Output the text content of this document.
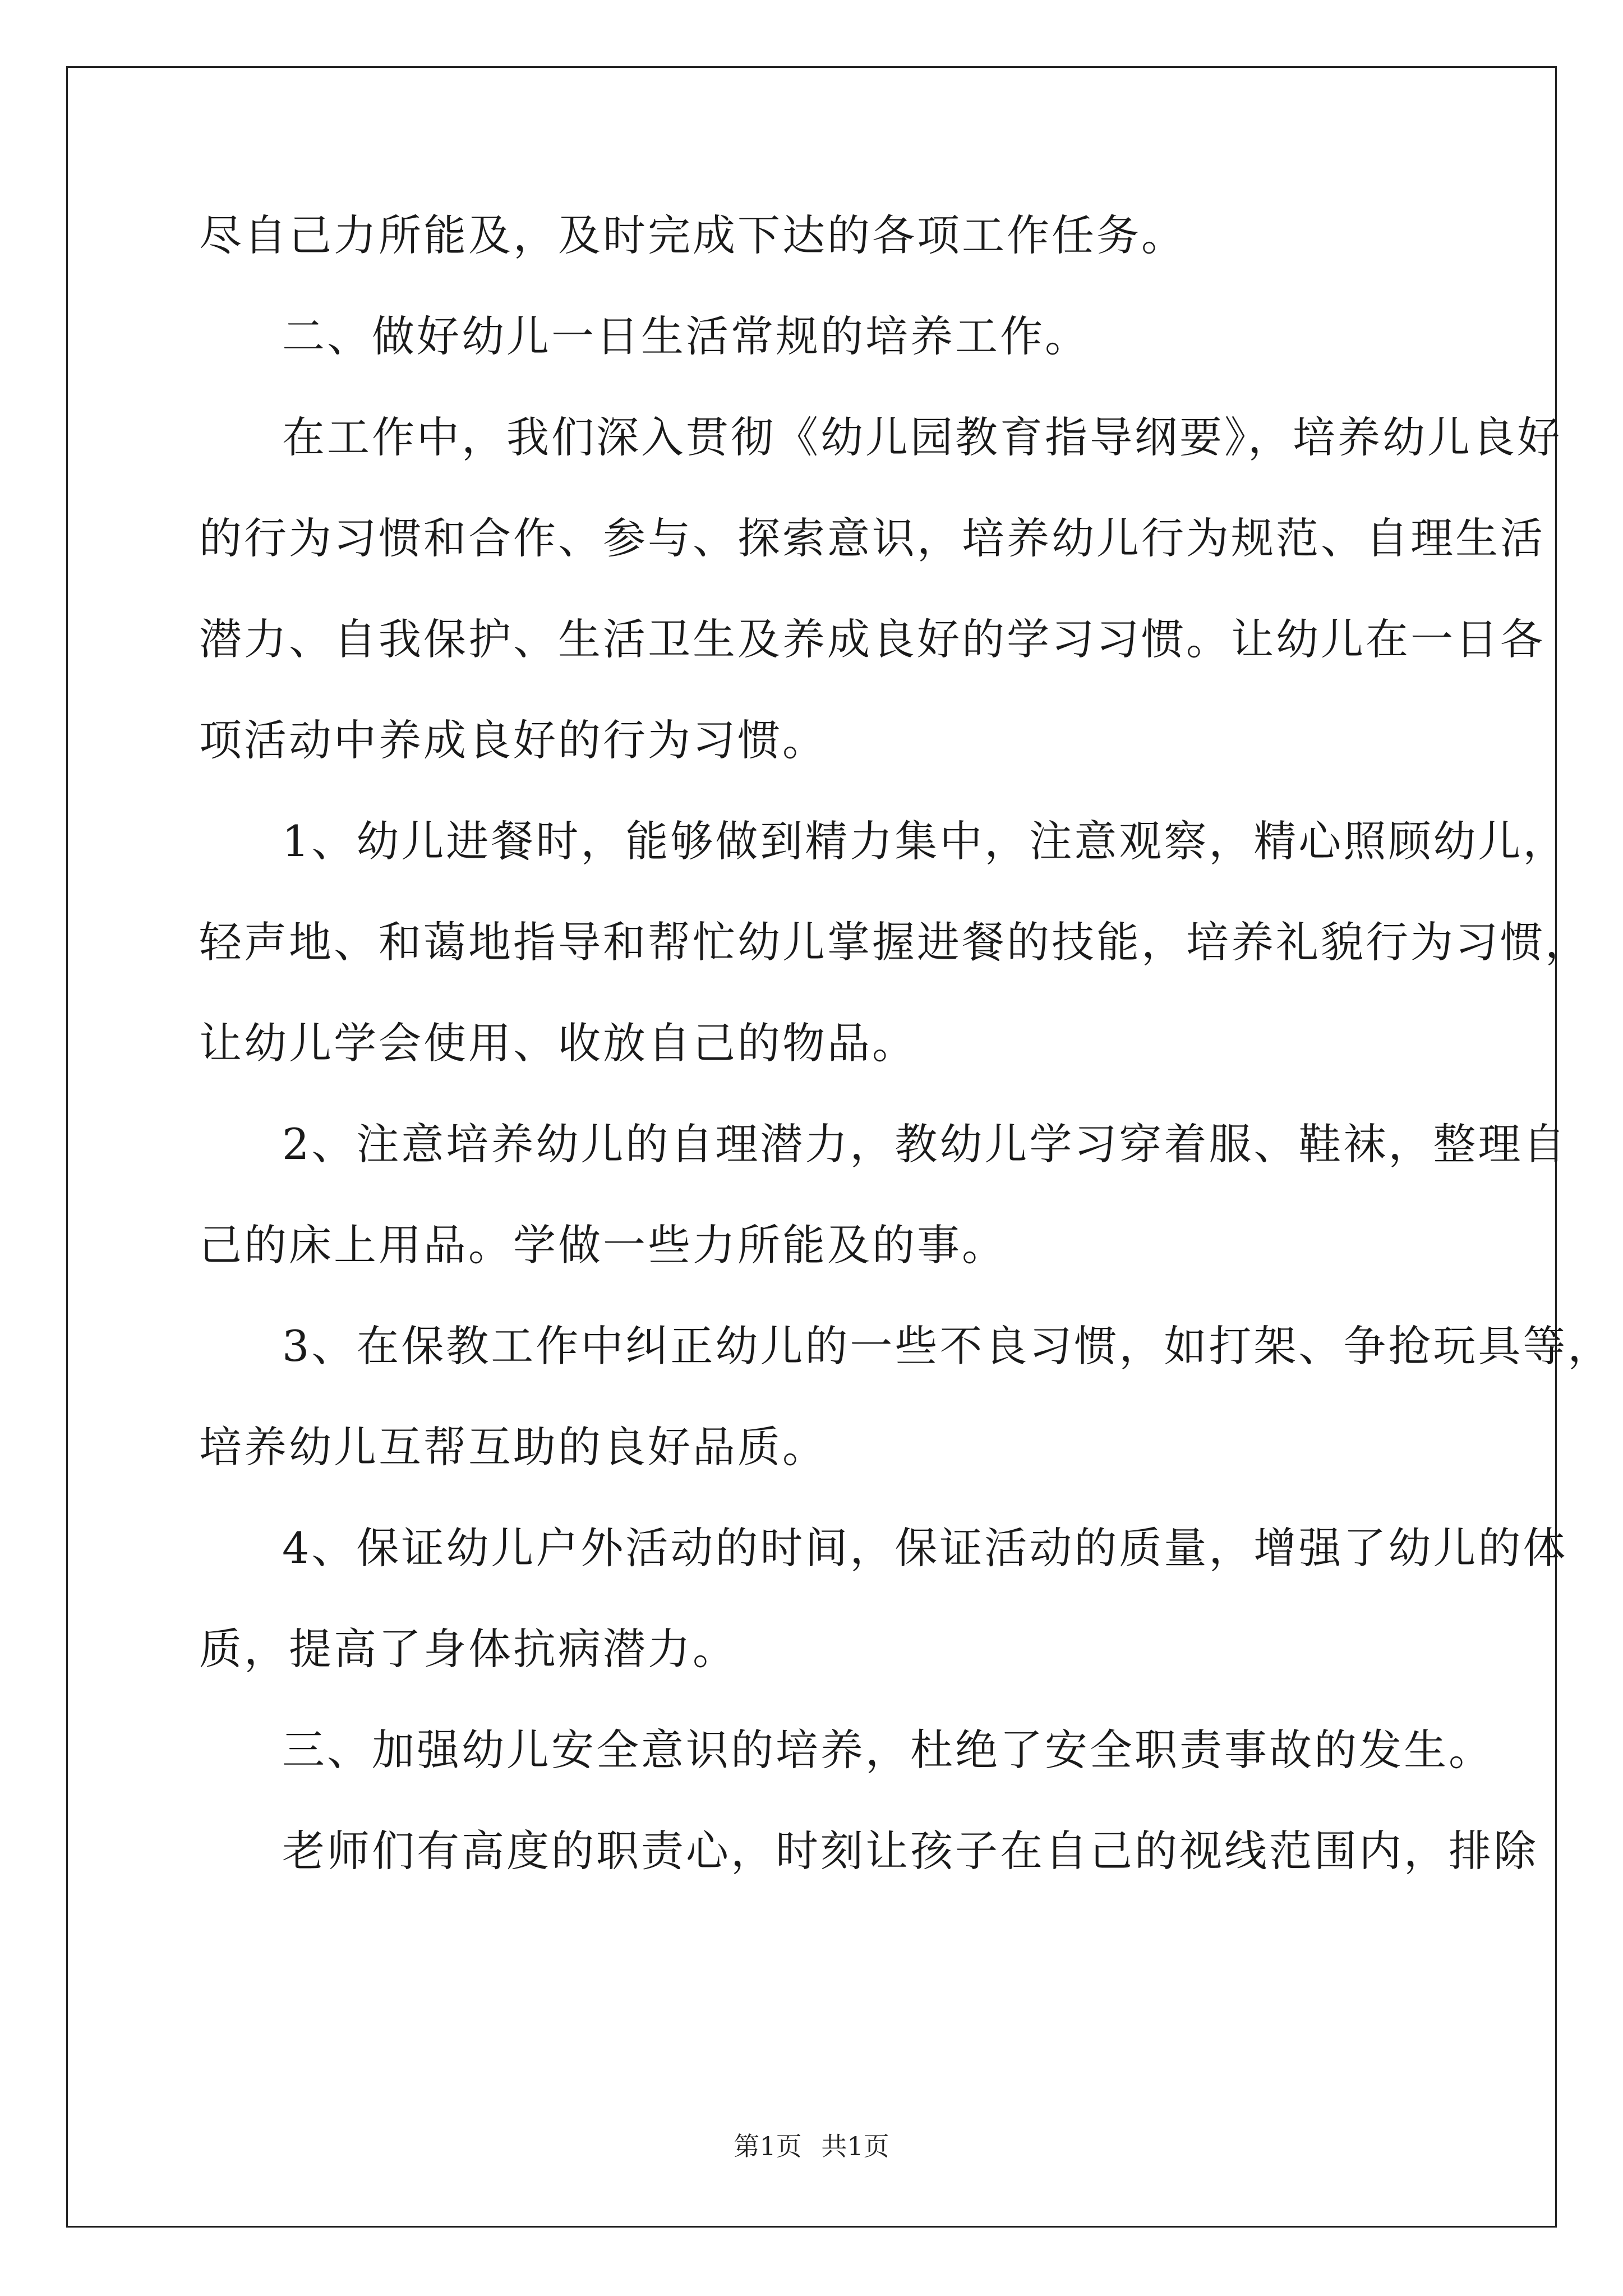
尽自己力所能及，及时完成下达的各项工作任务。
二、做好幼儿一日生活常规的培养工作。
在工作中，我们深入贯彻《幼儿园教育指导纲要》，培养幼儿良好
的行为习惯和合作、参与、探索意识，培养幼儿行为规范、自理生活
潜力、自我保护、生活卫生及养成良好的学习习惯。让幼儿在一日各
项活动中养成良好的行为习惯。
1、幼儿进餐时，能够做到精力集中，注意观察，精心照顾幼儿，
轻声地、和蔼地指导和帮忙幼儿掌握进餐的技能，培养礼貌行为习惯，
让幼儿学会使用、收放自己的物品。
2、注意培养幼儿的自理潜力，教幼儿学习穿着服、鞋袜，整理自
己的床上用品。学做一些力所能及的事。
3、在保教工作中纠正幼儿的一些不良习惯，如打架、争抢玩具等，
培养幼儿互帮互助的良好品质。
4、保证幼儿户外活动的时间，保证活动的质量，增强了幼儿的体
质，提高了身体抗病潜力。
三、加强幼儿安全意识的培养，杜绝了安全职责事故的发生。
老师们有高度的职责心，时刻让孩子在自己的视线范围内，排除
第1页 共1页
